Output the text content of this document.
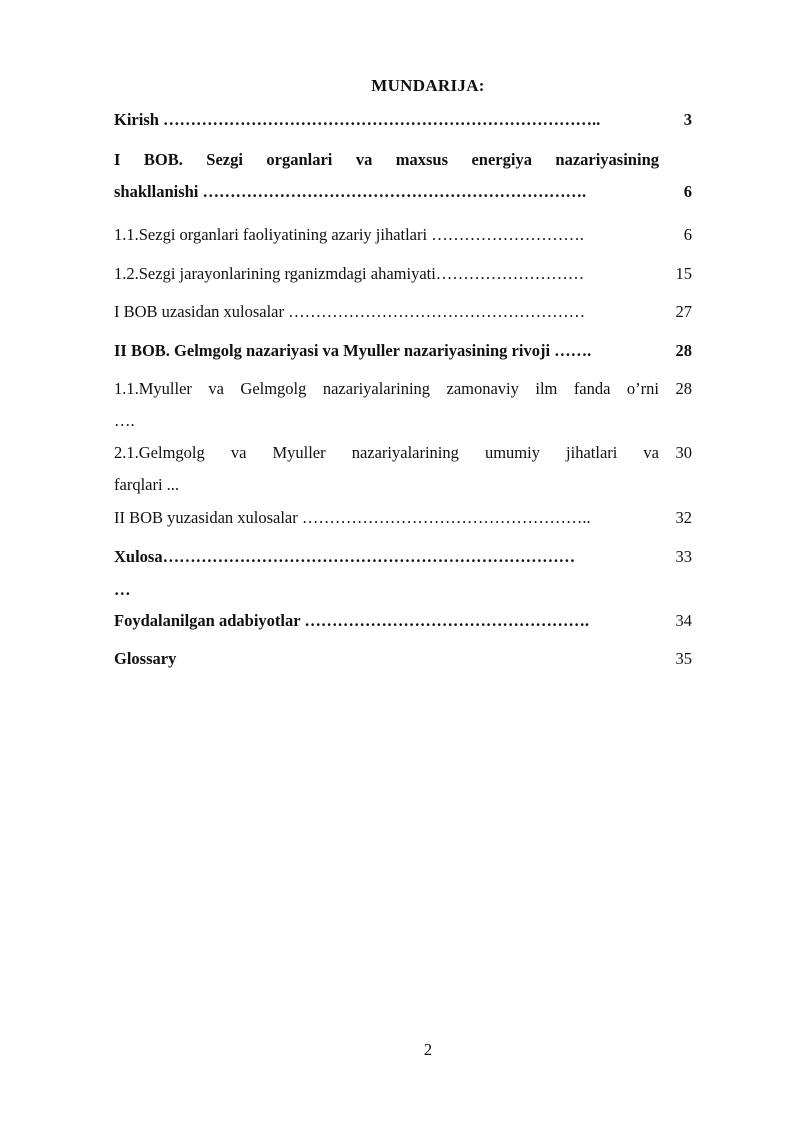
MUNDARIJA:
Kirish ……………………………………………………………………..	3
I BOB. Sezgi organlari va maxsus energiya nazariyasining
shakllanishi …………………………………………………………….	6
1.1.Sezgi organlari faoliyatining azariy jihatlari ……………………….	6
1.2.Sezgi jarayonlarining rganizmdagi ahamiyati………………………	15
I BOB uzasidan xulosalar ………………………………………………	27
II BOB. Gelmgolg nazariyasi va Myuller nazariyasining rivoji …….	28
1.1.Myuller va Gelmgolg nazariyalarining zamonaviy ilm fanda o’rni	28
….
2.1.Gelmgolg va Myuller nazariyalarining umumiy jihatlari va	30
farqlari ...
II BOB yuzasidan xulosalar ……………………………………………..	32
Xulosa…………………………………………………………………	33
…
Foydalanilgan adabiyotlar …………………………………………….	34
Glossary	35
2
